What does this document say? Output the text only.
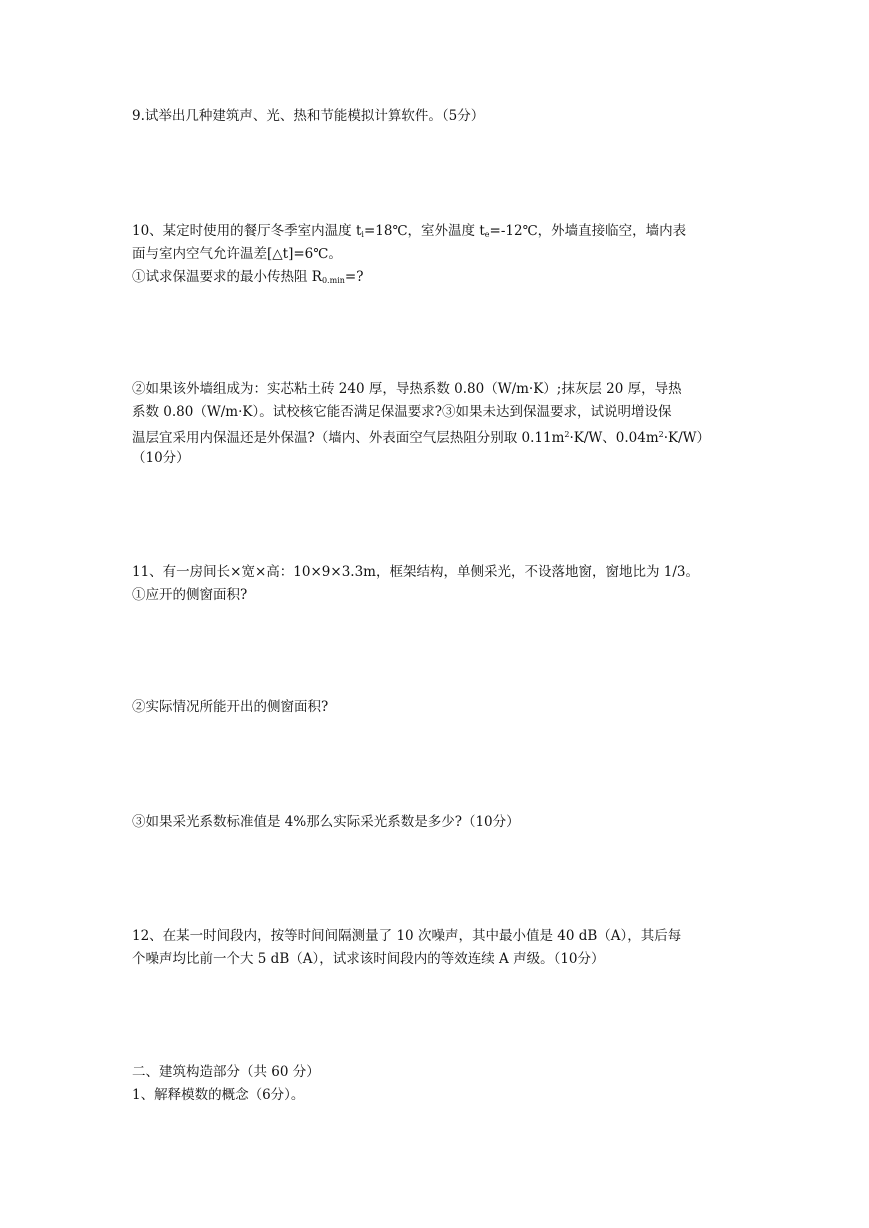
9.试举出几种建筑声、光、热和节能模拟计算软件。（5分）
10、某定时使用的餐厅冬季室内温度 $t_i=18℃$，室外温度 $t_e=-12℃$，外墙直接临空，墙内表
面与室内空气允许温差[△t]=6℃。
①试求保温要求的最小传热阻 $R_{0.min}=$?
②如果该外墙组成为：实芯粘土砖 240 厚，导热系数 0.80（W/m·K）;抹灰层 20 厚，导热
系数 0.80（W/m·K）。试校核它能否满足保温要求?③如果未达到保温要求，试说明增设保
温层宜采用内保温还是外保温?（墙内、外表面空气层热阻分别取 $0.11m^2\cdot K/W$、$0.04m^2\cdot K/W$）
（10分）
11、有一房间长×宽×高：10×9×3.3m，框架结构，单侧采光，不设落地窗，窗地比为 1/3。
①应开的侧窗面积?
②实际情况所能开出的侧窗面积?
③如果采光系数标准值是 4%那么实际采光系数是多少?（10分）
12、在某一时间段内，按等时间间隔测量了 10 次噪声，其中最小值是 40 dB（A），其后每
个噪声均比前一个大 5 dB（A），试求该时间段内的等效连续 A 声级。（10分）
二、建筑构造部分（共 60 分）
1、解释模数的概念（6分）。
